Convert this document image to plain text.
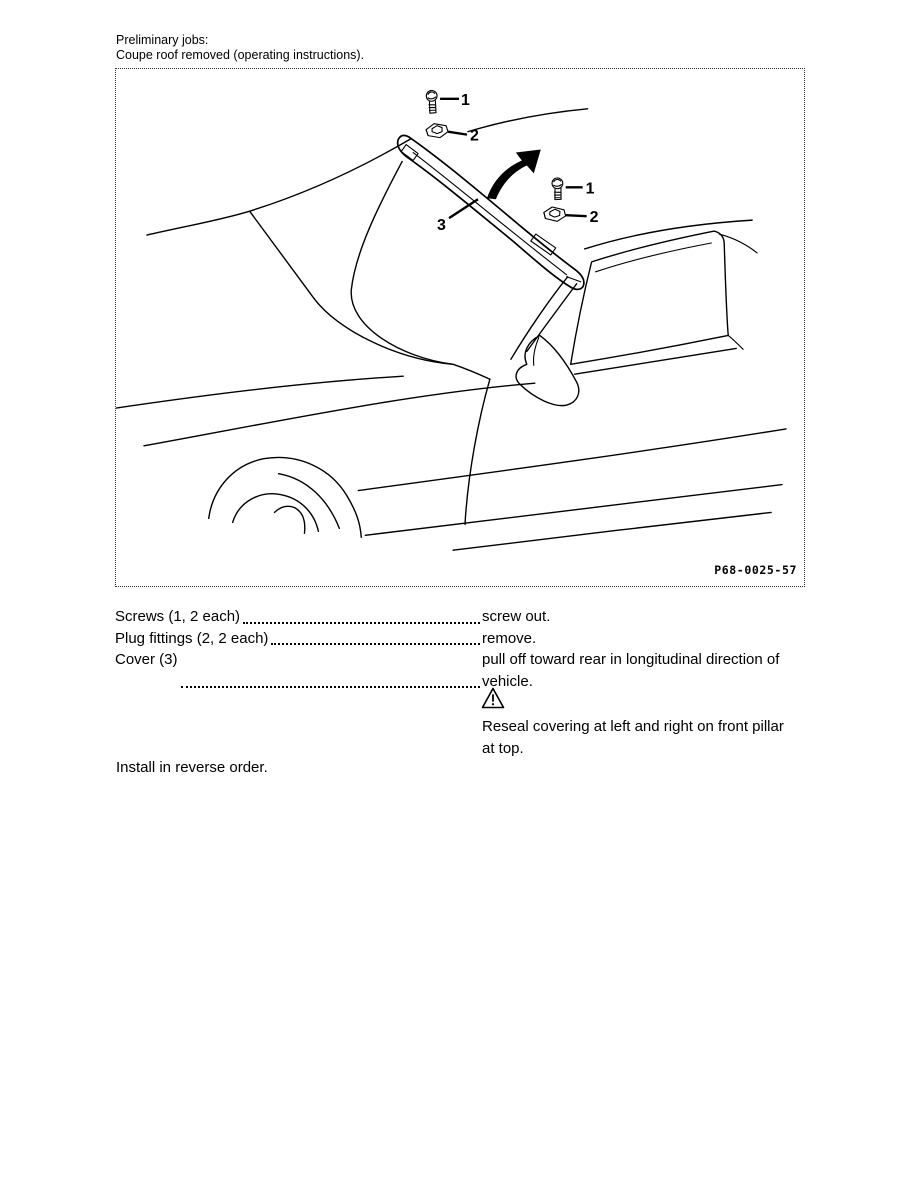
Preliminary jobs:
Coupe roof removed (operating instructions).
1
2
1
2
3
P68-0025-57
Screws (1, 2 each)	screw out.
Plug fittings (2, 2 each)	remove.
Cover (3)	pull off toward rear in longitudinal direction of vehicle.
Reseal covering at left and right on front pillar at top.
Install in reverse order.
